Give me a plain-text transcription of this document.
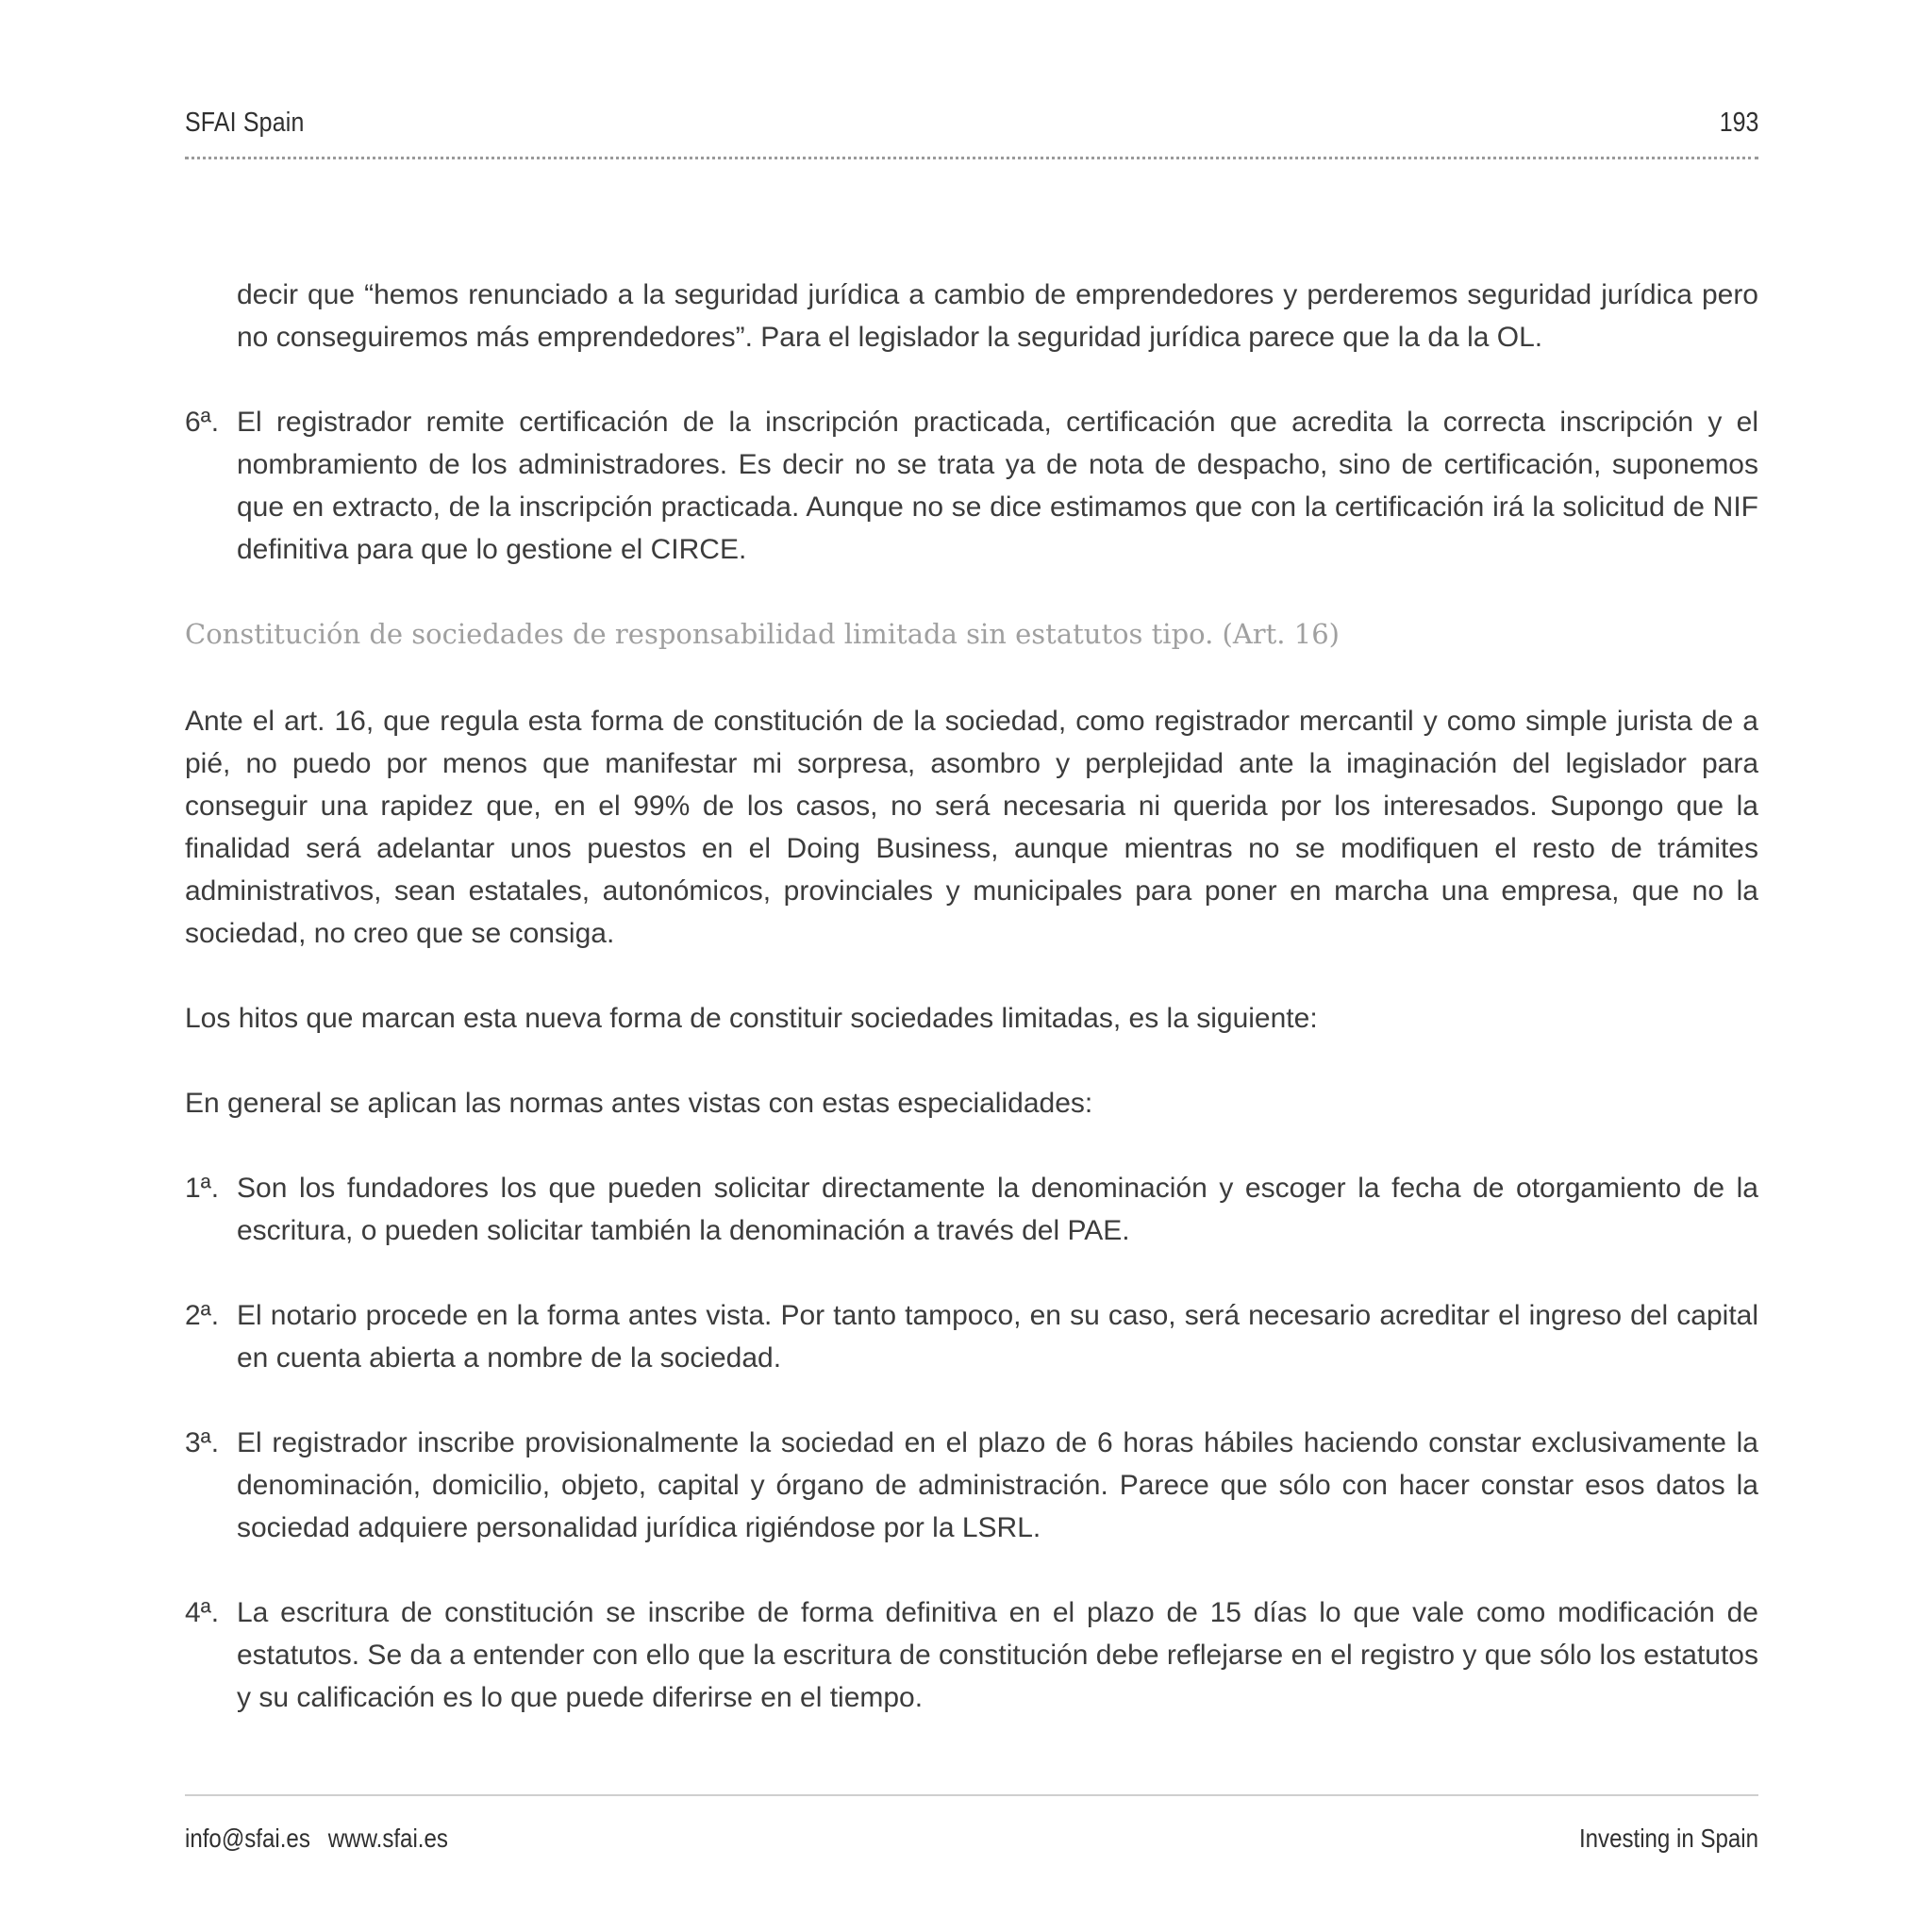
SFAI Spain	193

decir que “hemos renunciado a la seguridad jurídica a cambio de emprendedores y perderemos seguridad jurídica pero no conseguiremos más emprendedores”. Para el legislador la seguridad jurídica parece que la da la OL.

6ª. El registrador remite certificación de la inscripción practicada, certificación que acredita la correcta inscripción y el nombramiento de los administradores. Es decir no se trata ya de nota de despacho, sino de certificación, suponemos que en extracto, de la inscripción practicada. Aunque no se dice estimamos que con la certificación irá la solicitud de NIF definitiva para que lo gestione el CIRCE.
Constitución de sociedades de responsabilidad limitada sin estatutos tipo. (Art. 16)

Ante el art. 16, que regula esta forma de constitución de la sociedad, como registrador mercantil y como simple jurista de a pié, no puedo por menos que manifestar mi sorpresa, asombro y perplejidad ante la imaginación del legislador para conseguir una rapidez que, en el 99% de los casos, no será necesaria ni querida por los interesados. Supongo que la finalidad será adelantar unos puestos en el Doing Business, aunque mientras no se modifiquen el resto de trámites administrativos, sean estatales, autonómicos, provinciales y municipales para poner en marcha una empresa, que no la sociedad, no creo que se consiga.

Los hitos que marcan esta nueva forma de constituir sociedades limitadas, es la siguiente:

En general se aplican las normas antes vistas con estas especialidades:

1ª. Son los fundadores los que pueden solicitar directamente la denominación y escoger la fecha de otorgamiento de la escritura, o pueden solicitar también la denominación a través del PAE.
2ª. El notario procede en la forma antes vista. Por tanto tampoco, en su caso, será necesario acreditar el ingreso del capital en cuenta abierta a nombre de la sociedad.
3ª. El registrador inscribe provisionalmente la sociedad en el plazo de 6 horas hábiles haciendo constar exclusivamente la denominación, domicilio, objeto, capital y órgano de administración. Parece que sólo con hacer constar esos datos la sociedad adquiere personalidad jurídica rigiéndose por la LSRL.
4ª. La escritura de constitución se inscribe de forma definitiva en el plazo de 15 días lo que vale como modificación de estatutos. Se da a entender con ello que la escritura de constitución debe reflejarse en el registro y que sólo los estatutos y su calificación es lo que puede diferirse en el tiempo.
info@sfai.es www.sfai.es	Investing in Spain
